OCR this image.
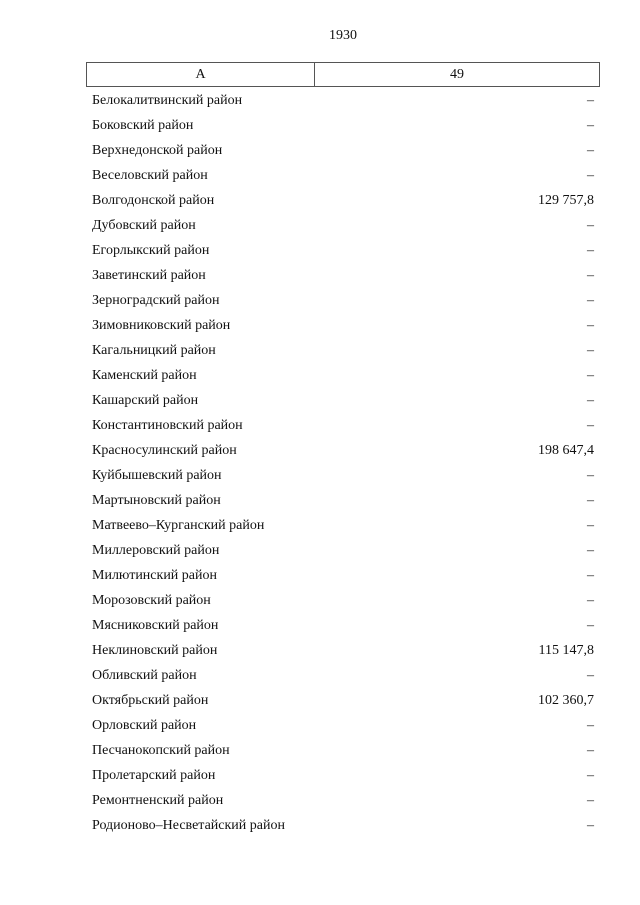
1930
А	49
Белокалитвинский район	–
Боковский район	–
Верхнедонской район	–
Веселовский район	–
Волгодонской район	129 757,8
Дубовский район	–
Егорлыкский район	–
Заветинский район	–
Зерноградский район	–
Зимовниковский район	–
Кагальницкий район	–
Каменский район	–
Кашарский район	–
Константиновский район	–
Красносулинский район	198 647,4
Куйбышевский район	–
Мартыновский район	–
Матвеево–Курганский район	–
Миллеровский район	–
Милютинский район	–
Морозовский район	–
Мясниковский район	–
Неклиновский район	115 147,8
Обливский район	–
Октябрьский район	102 360,7
Орловский район	–
Песчанокопский район	–
Пролетарский район	–
Ремонтненский район	–
Родионово–Несветайский район	–
